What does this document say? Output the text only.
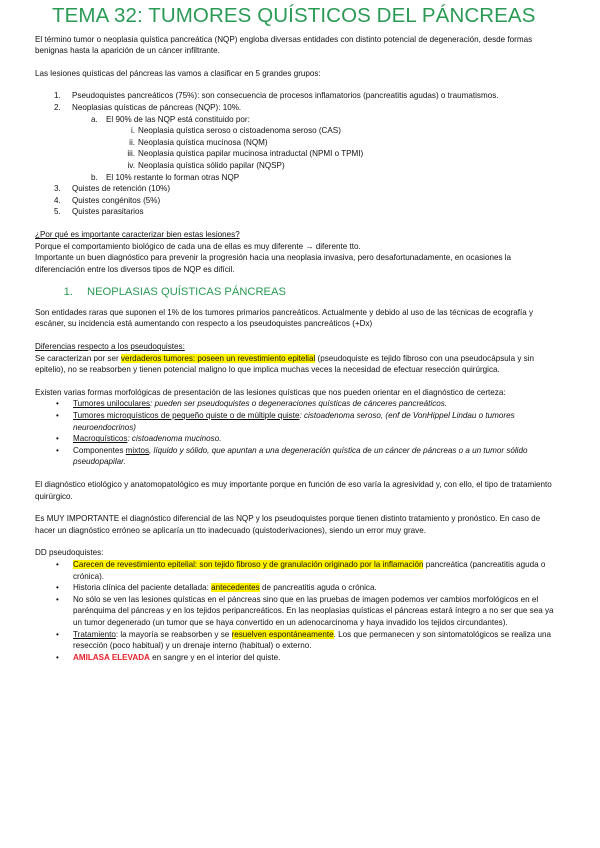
TEMA 32: TUMORES QUÍSTICOS DEL PÁNCREAS

El término tumor o neoplasia quística pancreática (NQP) engloba diversas entidades con distinto potencial de degeneración, desde formas benignas hasta la aparición de un cáncer infiltrante.

Las lesiones quísticas del páncreas las vamos a clasificar en 5 grandes grupos:

1. Pseudoquistes pancreáticos (75%): son consecuencia de procesos inflamatorios (pancreatitis agudas) o traumatismos.
2. Neoplasias quísticas de páncreas (NQP): 10%.
a. El 90% de las NQP está constituido por:
i. Neoplasia quística seroso o cistoadenoma seroso (CAS)
ii. Neoplasia quística mucinosa (NQM)
iii. Neoplasia quística papilar mucinosa intraductal (NPMI o TPMI)
iv. Neoplasia quística sólido papilar (NQSP)
b. El 10% restante lo forman otras NQP
3. Quistes de retención (10%)
4. Quistes congénitos (5%)
5. Quistes parasitarios

¿Por qué es importante caracterizar bien estas lesiones?

Porque el comportamiento biológico de cada una de ellas es muy diferente → diferente tto.

Importante un buen diagnóstico para prevenir la progresión hacia una neoplasia invasiva, pero desafortunadamente, en ocasiones la diferenciación entre los diversos tipos de NQP es difícil.

1.	NEOPLASIAS QUÍSTICAS PÁNCREAS

Son entidades raras que suponen el 1% de los tumores primarios pancreáticos. Actualmente y debido al uso de las técnicas de ecografía y escáner, su incidencia está aumentando con respecto a los pseudoquistes pancreáticos (+Dx)

Diferencias respecto a los pseudoquistes:

Se caracterizan por ser verdaderos tumores: poseen un revestimiento epitelial (pseudoquiste es tejido fibroso con una pseudocápsula y sin epitelio), no se reabsorben y tienen potencial maligno lo que implica muchas veces la necesidad de efectuar resección quirúrgica.

Existen varias formas morfológicas de presentación de las lesiones quísticas que nos pueden orientar en el diagnóstico de certeza:

• Tumores uniloculares: pueden ser pseudoquistes o degeneraciones quísticas de cánceres pancreáticos.
• Tumores microquísticos de pequeño quiste o de múltiple quiste: cistoadenoma seroso, (enf de VonHippel Lindau o tumores neuroendocrinos)
• Macroquísticos: cistoadenoma mucinoso.
• Componentes mixtos, líquido y sólido, que apuntan a una degeneración quística de un cáncer de páncreas o a un tumor sólido pseudopapilar.

El diagnóstico etiológico y anatomopatológico es muy importante porque en función de eso varía la agresividad y, con ello, el tipo de tratamiento quirúrgico.

Es MUY IMPORTANTE el diagnóstico diferencial de las NQP y los pseudoquistes porque tienen distinto tratamiento y pronóstico. En caso de hacer un diagnóstico erróneo se aplicaría un tto inadecuado (quistoderivaciones), siendo un error muy grave.

DD pseudoquistes:

• Carecen de revestimiento epitelial: son tejido fibroso y de granulación originado por la inflamación pancreática (pancreatitis aguda o crónica).
• Historia clínica del paciente detallada: antecedentes de pancreatitis aguda o crónica.
• No sólo se ven las lesiones quísticas en el páncreas sino que en las pruebas de imagen podemos ver cambios morfológicos en el parénquima del páncreas y en los tejidos peripancreáticos. En las neoplasias quísticas el páncreas estará íntegro a no ser que sea ya un tumor degenerado (un tumor que se haya convertido en un adenocarcinoma y haya invadido los tejidos circundantes).
• Tratamiento: la mayoría se reabsorben y se resuelven espontáneamente. Los que permanecen y son sintomatológicos se realiza una resección (poco habitual) y un drenaje interno (habitual) o externo.
• AMILASA ELEVADA en sangre y en el interior del quiste.
